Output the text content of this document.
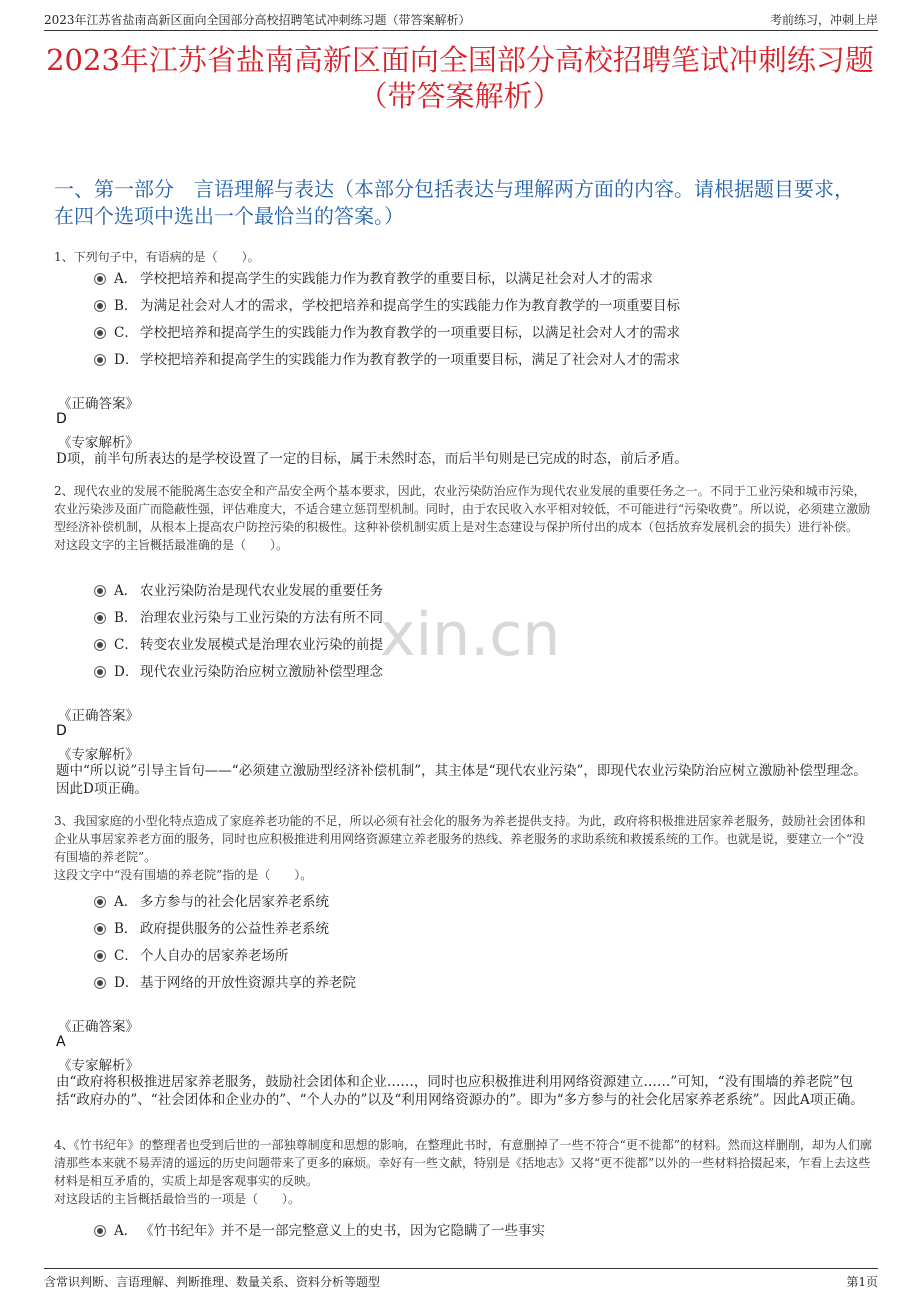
2023年江苏省盐南高新区面向全国部分高校招聘笔试冲刺练习题（带答案解析）	考前练习，冲刺上岸
2023年江苏省盐南高新区面向全国部分高校招聘笔试冲刺练习题（带答案解析）
一、第一部分　言语理解与表达（本部分包括表达与理解两方面的内容。请根据题目要求，在四个选项中选出一个最恰当的答案。）
xin.cn

1、下列句子中，有语病的是（　　）。

A． 学校把培养和提高学生的实践能力作为教育教学的重要目标，以满足社会对人才的需求
B． 为满足社会对人才的需求，学校把培养和提高学生的实践能力作为教育教学的一项重要目标
C． 学校把培养和提高学生的实践能力作为教育教学的一项重要目标，以满足社会对人才的需求
D． 学校把培养和提高学生的实践能力作为教育教学的一项重要目标，满足了社会对人才的需求
《正确答案》
D
《专家解析》
D项，前半句所表达的是学校设置了一定的目标，属于未然时态，而后半句则是已完成的时态，前后矛盾。

2、现代农业的发展不能脱离生态安全和产品安全两个基本要求，因此，农业污染防治应作为现代农业发展的重要任务之一。不同于工业污染和城市污染，农业污染涉及面广而隐蔽性强，评估难度大，不适合建立惩罚型机制。同时，由于农民收入水平相对较低，不可能进行“污染收费”。所以说，必须建立激励型经济补偿机制，从根本上提高农户防控污染的积极性。这种补偿机制实质上是对生态建设与保护所付出的成本（包括放弃发展机会的损失）进行补偿。

对这段文字的主旨概括最准确的是（　　）。

A． 农业污染防治是现代农业发展的重要任务
B． 治理农业污染与工业污染的方法有所不同
C． 转变农业发展模式是治理农业污染的前提
D． 现代农业污染防治应树立激励补偿型理念
《正确答案》
D
《专家解析》
题中“所以说”引导主旨句——“必须建立激励型经济补偿机制”，其主体是“现代农业污染”，即现代农业污染防治应树立激励补偿型理念。因此D项正确。

3、我国家庭的小型化特点造成了家庭养老功能的不足，所以必须有社会化的服务为养老提供支持。为此，政府将积极推进居家养老服务，鼓励社会团体和企业从事居家养老方面的服务，同时也应积极推进利用网络资源建立养老服务的热线、养老服务的求助系统和救援系统的工作。也就是说，要建立一个“没有围墙的养老院”。

这段文字中“没有围墙的养老院”指的是（　　）。

A． 多方参与的社会化居家养老系统
B． 政府提供服务的公益性养老系统
C． 个人自办的居家养老场所
D． 基于网络的开放性资源共享的养老院
《正确答案》
A
《专家解析》
由“政府将积极推进居家养老服务，鼓励社会团体和企业……，同时也应积极推进利用网络资源建立……”可知，“没有围墙的养老院”包括“政府办的”、“社会团体和企业办的”、“个人办的”以及“利用网络资源办的”。即为“多方参与的社会化居家养老系统”。因此A项正确。

4、《竹书纪年》的整理者也受到后世的一部独尊制度和思想的影响，在整理此书时，有意删掉了一些不符合“更不徙都”的材料。然而这样删削，却为人们廓清那些本来就不易弄清的遥远的历史问题带来了更多的麻烦。幸好有一些文献，特别是《括地志》又将“更不徙都”以外的一些材料拾掇起来，乍看上去这些材料是相互矛盾的，实质上却是客观事实的反映。

对这段话的主旨概括最恰当的一项是（　　）。

A． 《竹书纪年》并不是一部完整意义上的史书，因为它隐瞒了一些事实
含常识判断、言语理解、判断推理、数量关系、资料分析等题型	第1页
